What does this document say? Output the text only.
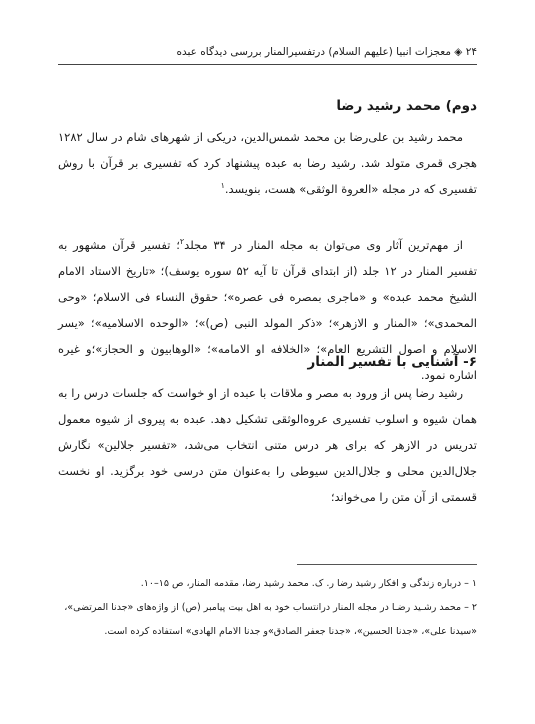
۲۴ ◈ معجزات انبیا (علیهم السلام) درتفسیرالمنار بررسی دیدگاه عبده
دوم) محمد رشید رضا

محمد رشید بن علی‌رضا بن محمد شمس‌الدین، دریکی از شهرهای شام در سال ۱۲۸۲ هجری قمری متولد شد. رشید رضا به عبده پیشنهاد کرد که تفسیری بر قرآن با روش تفسیری که در مجله «العروة الوثقی» هست، بنویسد.$^۱$

از مهم‌ترین آثار وی می‌توان به مجله المنار در ۳۴ مجلد$^۲$؛ تفسیر قرآن مشهور به تفسیر المنار در ۱۲ جلد (از ابتدای قرآن تا آیه ۵۲ سوره یوسف)؛ «تاریخ الاستاد الامام الشیخ محمد عبده» و «ماجری بمصره فی عصره»؛ حقوق النساء فی الاسلام؛ «وحی المحمدی»؛ «المنار و الازهر»؛ «ذکر المولد النبی (ص)»؛ «الوحده الاسلامیه»؛ «یسر الاسلام و اصول التشریع العام»؛ «الخلافه او الامامه»؛ «الوهابیون و الحجاز»؛و غیره اشاره نمود.

۶- آشنایی با تفسیر المنار

رشید رضا پس از ورود به مصر و ملاقات با عبده از او خواست که جلسات درس را به همان شیوه و اسلوب تفسیری عروه‌الوثقی تشکیل دهد. عبده به پیروی از شیوه معمول تدریس در الازهر که برای هر درس متنی انتخاب می‌شد، «تفسیر جلالین» نگارش جلال‌الدین محلی و جلال‌الدین سیوطی را به‌عنوان متن درسی خود برگزید. او نخست قسمتی از آن متن را می‌خواند؛

۱ – درباره زندگی و افکار رشید رضا ر. ک. محمد رشید رضا، مقدمه المنار، ص ۱۵–۱۰.

۲ – محمد رشـید رضـا در مجله المنار درانتساب خود به اهل بیت پیامبر (ص) از واژه‌های «جدنا المرتضی»،

«سیدنا علی»، «جدنا الحسین»، «جدنا جعفر الصادق»و جدنا الامام الهادی» استفاده کرده است.
